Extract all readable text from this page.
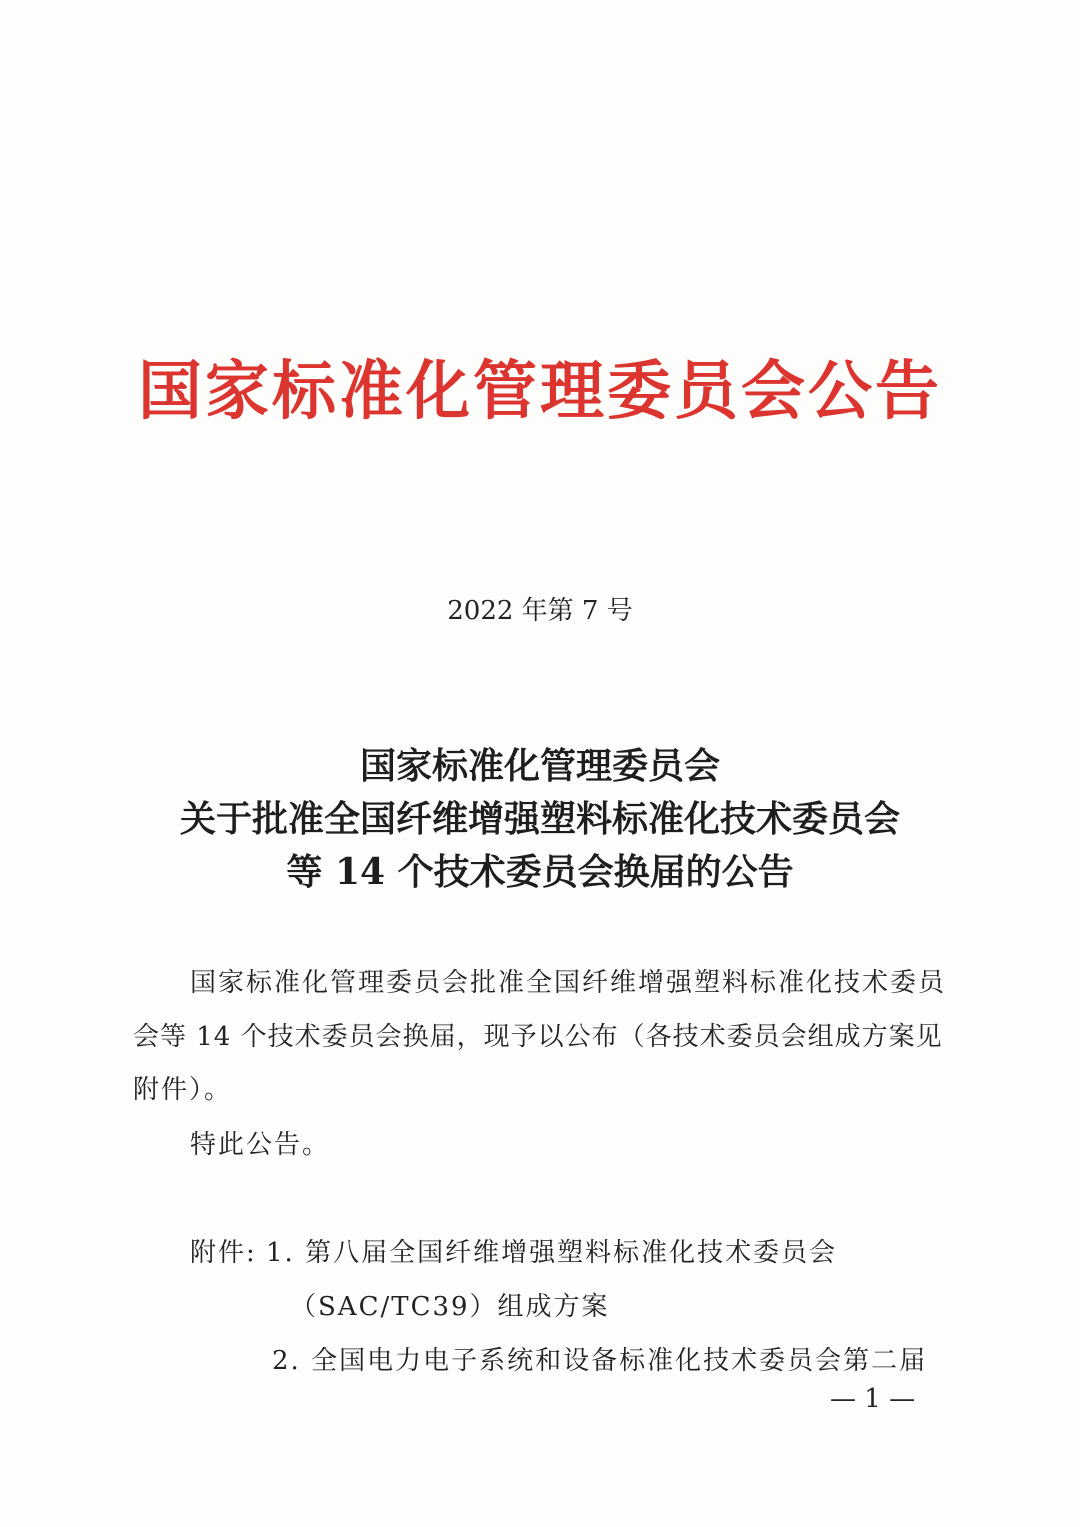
国家标准化管理委员会公告
2022 年第 7 号
国家标准化管理委员会
关于批准全国纤维增强塑料标准化技术委员会
等 14 个技术委员会换届的公告
国家标准化管理委员会批准全国纤维增强塑料标准化技术委员
会等 14 个技术委员会换届，现予以公布（各技术委员会组成方案见
附件）。
特此公告。
附件: 1. 第八届全国纤维增强塑料标准化技术委员会
（SAC/TC39）组成方案
2. 全国电力电子系统和设备标准化技术委员会第二届
— 1 —
